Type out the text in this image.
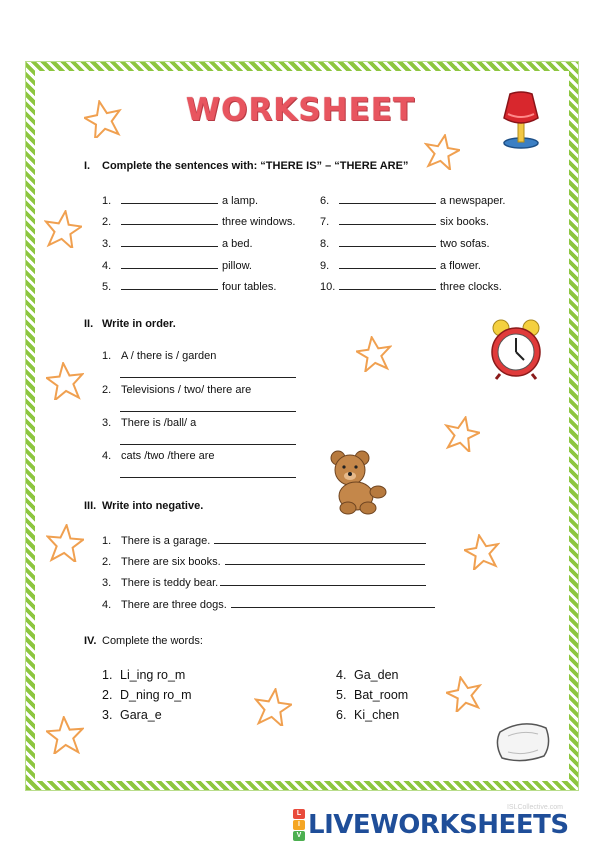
WORKSHEET
I. Complete the sentences with: “THERE IS” – “THERE ARE”
1.	a lamp.
2.	three windows.
3.	a bed.
4.	pillow.
5.	four tables.
6.	a newspaper.
7.	six books.
8.	two sofas.
9.	a flower.
10.	three clocks.
II. Write in order.
1. A / there is / garden
2. Televisions / two/ there are
3. There is /ball/ a
4. cats /two /there are
III. Write into negative.
1. There is a garage.
2. There are six books.
3. There is teddy bear.
4. There are three dogs.
IV. Complete the words:
1. Li_ing ro_m
2. D_ning ro_m
3. Gara_e
4. Ga_den
5. Bat_room
6. Ki_chen
ISLCollective.com
L
I
V LIVEWORKSHEETS
